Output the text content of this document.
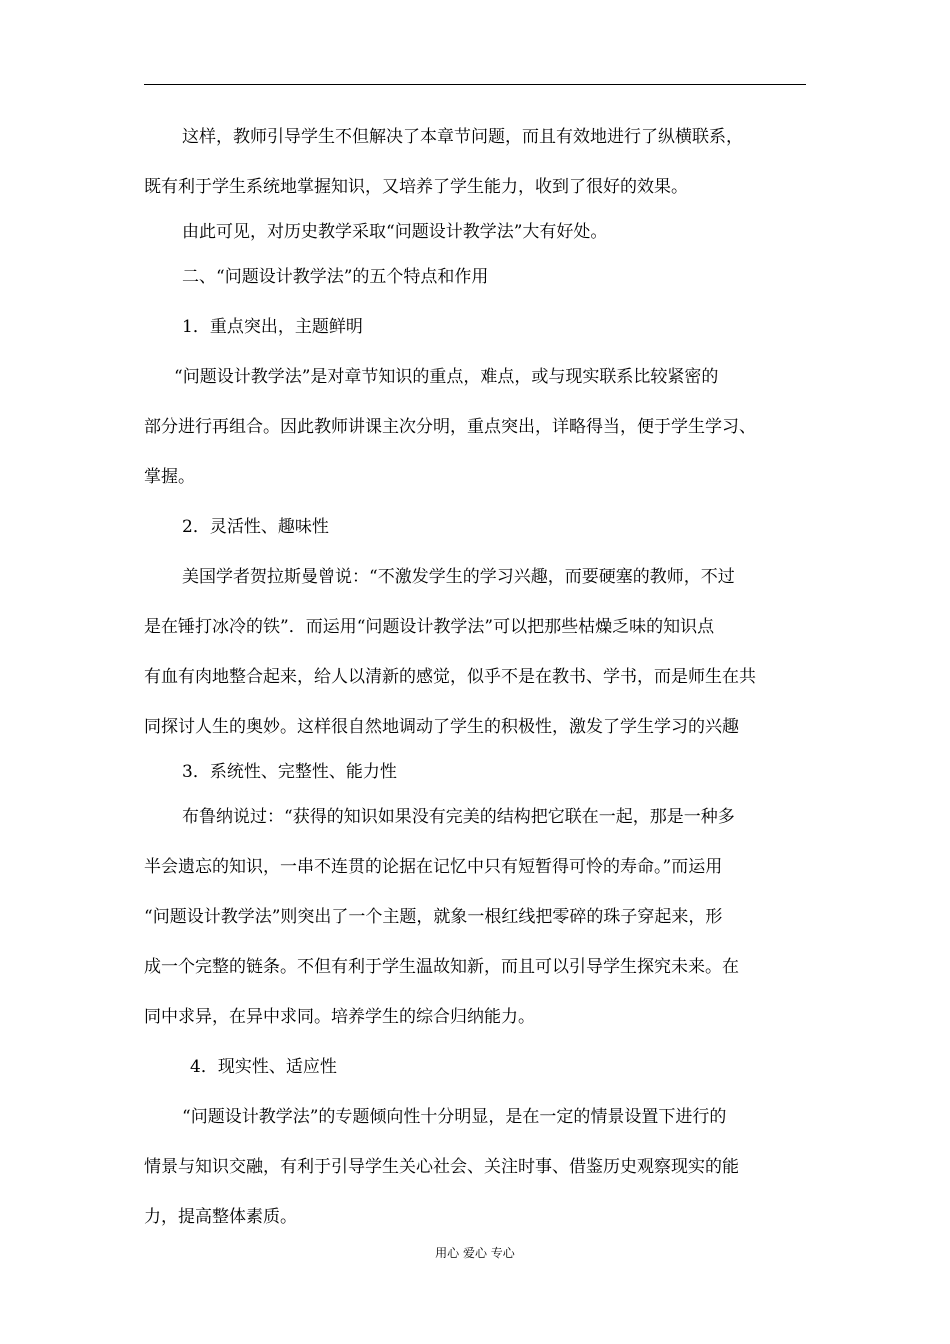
这样，教师引导学生不但解决了本章节问题，而且有效地进行了纵横联系，

既有利于学生系统地掌握知识，又培养了学生能力，收到了很好的效果。

由此可见，对历史教学采取“问题设计教学法”大有好处。

二、“问题设计教学法”的五个特点和作用

1．重点突出，主题鲜明

“问题设计教学法”是对章节知识的重点，难点，或与现实联系比较紧密的

部分进行再组合。因此教师讲课主次分明，重点突出，详略得当，便于学生学习、

掌握。

2．灵活性、趣味性

美国学者贺拉斯曼曾说：“不激发学生的学习兴趣，而要硬塞的教师，不过

是在锤打冰冷的铁”．而运用“问题设计教学法”可以把那些枯燥乏味的知识点

有血有肉地整合起来，给人以清新的感觉，似乎不是在教书、学书，而是师生在共

同探讨人生的奥妙。这样很自然地调动了学生的积极性，激发了学生学习的兴趣

3．系统性、完整性、能力性

布鲁纳说过：“获得的知识如果没有完美的结构把它联在一起，那是一种多

半会遗忘的知识，一串不连贯的论据在记忆中只有短暂得可怜的寿命。”而运用

“问题设计教学法”则突出了一个主题，就象一根红线把零碎的珠子穿起来，形

成一个完整的链条。不但有利于学生温故知新，而且可以引导学生探究未来。在

同中求异，在异中求同。培养学生的综合归纳能力。

4．现实性、适应性

“问题设计教学法”的专题倾向性十分明显，是在一定的情景设置下进行的

情景与知识交融，有利于引导学生关心社会、关注时事、借鉴历史观察现实的能

力，提高整体素质。

用心 爱心 专心
